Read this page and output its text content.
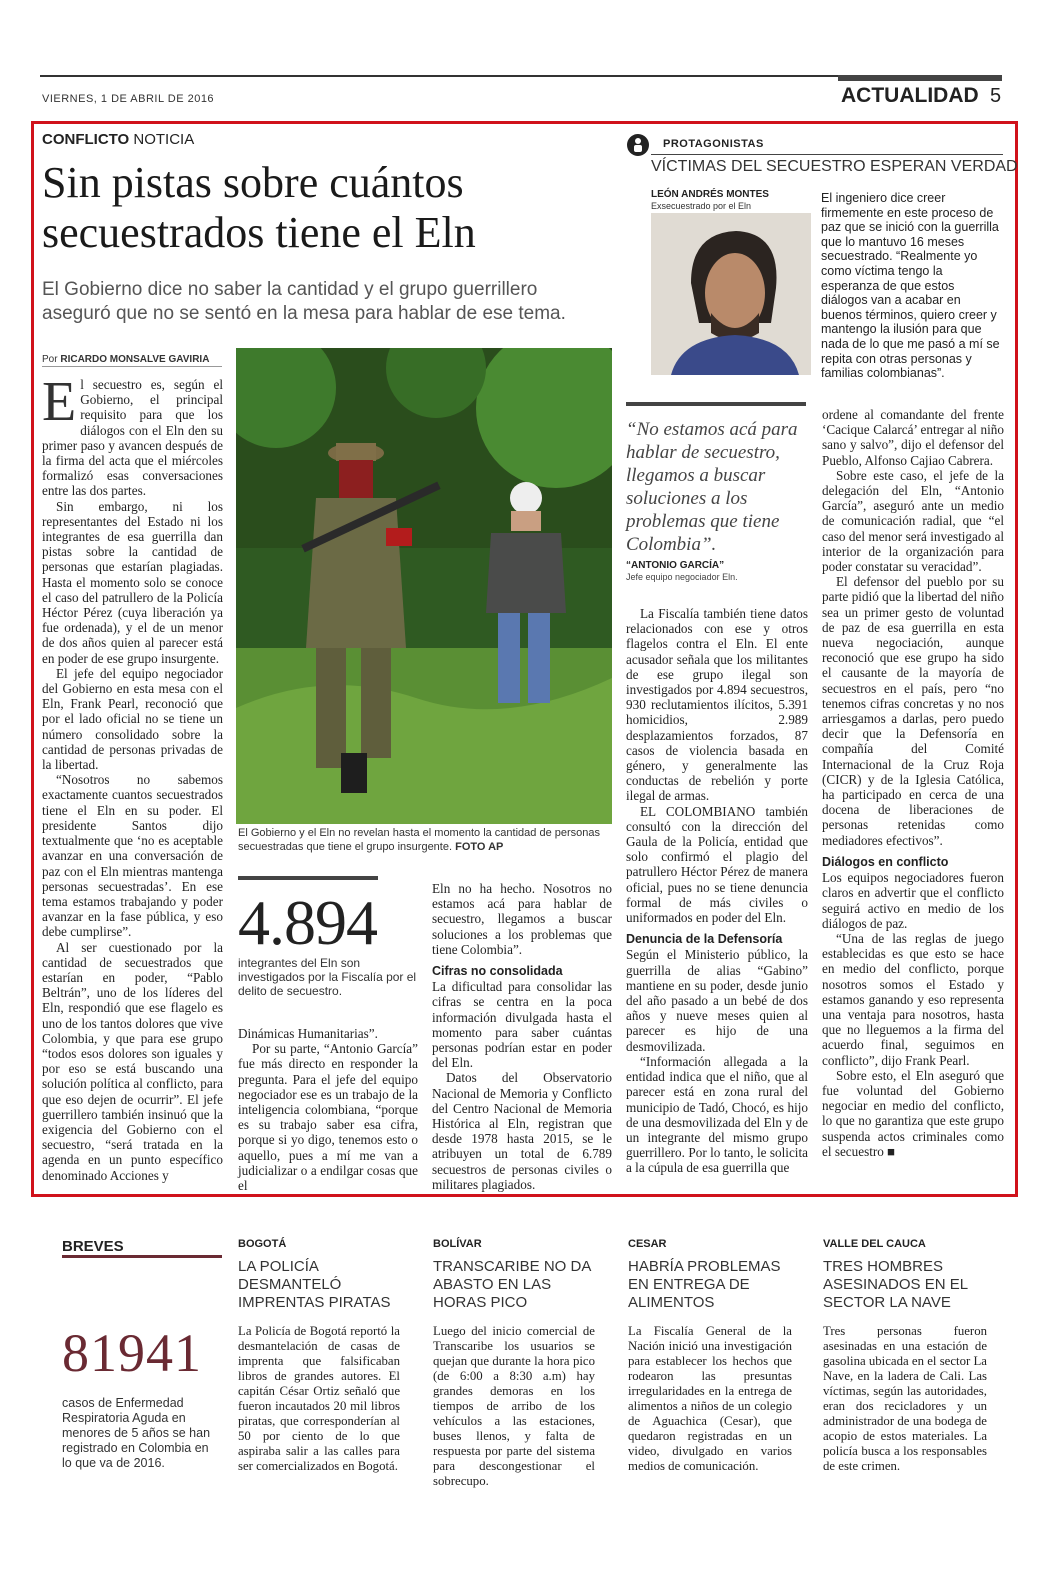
VIERNES, 1 DE ABRIL DE 2016	ACTUALIDAD 5
CONFLICTO NOTICIA
Sin pistas sobre cuántos secuestrados tiene el Eln
El Gobierno dice no saber la cantidad y el grupo guerrillero aseguró que no se sentó en la mesa para hablar de ese tema.
Por RICARDO MONSALVE GAVIRIA
E l secuestro es, según el Gobierno, el principal requisito para que los diálogos con el Eln den su primer paso y avancen después de la firma del acta que el miércoles formalizó esas conversaciones entre las dos partes.

Sin embargo, ni los representantes del Estado ni los integrantes de esa guerrilla dan pistas sobre la cantidad de personas que estarían plagiadas. Hasta el momento solo se conoce el caso del patrullero de la Policía Héctor Pérez (cuya liberación ya fue ordenada), y el de un menor de dos años quien al parecer está en poder de ese grupo insurgente.

El jefe del equipo negociador del Gobierno en esta mesa con el Eln, Frank Pearl, reconoció que por el lado oficial no se tiene un número consolidado sobre la cantidad de personas privadas de la libertad.

“Nosotros no sabemos exactamente cuantos secuestrados tiene el Eln en su poder. El presidente Santos dijo textualmente que ‘no es aceptable avanzar en una conversación de paz con el Eln mientras mantenga personas secuestradas’. En ese tema estamos trabajando y poder avanzar en la fase pública, y eso debe cumplirse”.

Al ser cuestionado por la cantidad de secuestrados que estarían en poder, “Pablo Beltrán”, uno de los líderes del Eln, respondió que ese flagelo es uno de los tantos dolores que vive Colombia, y que para ese grupo “todos esos dolores son iguales y por eso se está buscando una solución política al conflicto, para que eso dejen de ocurrir”. El jefe guerrillero también insinuó que la exigencia del Gobierno con el secuestro, “será tratada en la agenda en un punto específico denominado Acciones y

El Gobierno y el Eln no revelan hasta el momento la cantidad de personas secuestradas que tiene el grupo insurgente. FOTO AP
4.894
integrantes del Eln son investigados por la Fiscalía por el delito de secuestro.

Dinámicas Humanitarias”.

Por su parte, “Antonio García” fue más directo en responder la pregunta. Para el jefe del equipo negociador ese es un trabajo de la inteligencia colombiana, “porque es su trabajo saber esa cifra, porque si yo digo, tenemos esto o aquello, pues a mí me van a judicializar o a endilgar cosas que el

Eln no ha hecho. Nosotros no estamos acá para hablar de secuestro, llegamos a buscar soluciones a los problemas que tiene Colombia”.

Cifras no consolidada

La dificultad para consolidar las cifras se centra en la poca información divulgada hasta el momento para saber cuántas personas podrían estar en poder del Eln.

Datos del Observatorio Nacional de Memoria y Conflicto del Centro Nacional de Memoria Histórica al Eln, registran que desde 1978 hasta 2015, se le atribuyen un total de 6.789 secuestros de personas civiles o militares plagiados.

PROTAGONISTAS
VÍCTIMAS DEL SECUESTRO ESPERAN VERDAD
LEÓN ANDRÉS MONTES
Exsecuestrado por el Eln
El ingeniero dice creer firmemente en este proceso de paz que se inició con la guerrilla que lo mantuvo 16 meses secuestrado. “Realmente yo como víctima tengo la esperanza de que estos diálogos van a acabar en buenos términos, quiero creer y mantengo la ilusión para que nada de lo que me pasó a mí se repita con otras personas y familias colombianas”.
“No estamos acá para hablar de secuestro, llegamos a buscar soluciones a los problemas que tiene Colombia”.
“ANTONIO GARCÍA”
Jefe equipo negociador Eln.

La Fiscalía también tiene datos relacionados con ese y otros flagelos contra el Eln. El ente acusador señala que los militantes de ese grupo ilegal son investigados por 4.894 secuestros, 930 reclutamientos ilícitos, 5.391 homicidios, 2.989 desplazamientos forzados, 87 casos de violencia basada en género, y generalmente las conductas de rebelión y porte ilegal de armas.

EL COLOMBIANO también consultó con la dirección del Gaula de la Policía, entidad que solo confirmó el plagio del patrullero Héctor Pérez de manera oficial, pues no se tiene denuncia formal de más civiles o uniformados en poder del Eln.

Denuncia de la Defensoría

Según el Ministerio público, la guerrilla de alias “Gabino” mantiene en su poder, desde junio del año pasado a un bebé de dos años y nueve meses quien al parecer es hijo de una desmovilizada.

“Información allegada a la entidad indica que el niño, que al parecer está en zona rural del municipio de Tadó, Chocó, es hijo de una desmovilizada del Eln y de un integrante del mismo grupo guerrillero. Por lo tanto, le solicita a la cúpula de esa guerrilla que

ordene al comandante del frente ‘Cacique Calarcá’ entregar al niño sano y salvo”, dijo el defensor del Pueblo, Alfonso Cajiao Cabrera.

Sobre este caso, el jefe de la delegación del Eln, “Antonio García”, aseguró ante un medio de comunicación radial, que “el caso del menor será investigado al interior de la organización para poder constatar su veracidad”.

El defensor del pueblo por su parte pidió que la libertad del niño sea un primer gesto de voluntad de paz de esa guerrilla en esta nueva negociación, aunque reconoció que ese grupo ha sido el causante de la mayoría de secuestros en el país, pero “no tenemos cifras concretas y no nos arriesgamos a darlas, pero puedo decir que la Defensoría en compañía del Comité Internacional de la Cruz Roja (CICR) y de la Iglesia Católica, ha participado en cerca de una docena de liberaciones de personas retenidas como mediadores efectivos”.

Diálogos en conflicto

Los equipos negociadores fueron claros en advertir que el conflicto seguirá activo en medio de los diálogos de paz.

“Una de las reglas de juego establecidas es que esto se hace en medio del conflicto, porque nosotros somos el Estado y estamos ganando y eso representa una ventaja para nosotros, hasta que no lleguemos a la firma del acuerdo final, seguimos en conflicto”, dijo Frank Pearl.

Sobre esto, el Eln aseguró que fue voluntad del Gobierno negociar en medio del conflicto, lo que no garantiza que este grupo suspenda actos criminales como el secuestro ■

BREVES
81941
casos de Enfermedad Respiratoria Aguda en menores de 5 años se han registrado en Colombia en lo que va de 2016.
BOGOTÁ
LA POLICÍA DESMANTELÓ IMPRENTAS PIRATAS
La Policía de Bogotá reportó la desmantelación de casas de imprenta que falsificaban libros de grandes autores. El capitán César Ortiz señaló que fueron incautados 20 mil libros piratas, que corresponderían al 50 por ciento de lo que aspiraba salir a las calles para ser comercializados en Bogotá.
BOLÍVAR
TRANSCARIBE NO DA ABASTO EN LAS HORAS PICO
Luego del inicio comercial de Transcaribe los usuarios se quejan que durante la hora pico (de 6:00 a 8:30 a.m) hay grandes demoras en los tiempos de arribo de los vehículos a las estaciones, buses llenos, y falta de respuesta por parte del sistema para descongestionar el sobrecupo.
CESAR
HABRÍA PROBLEMAS EN ENTREGA DE ALIMENTOS
La Fiscalía General de la Nación inició una investigación para establecer los hechos que rodearon las presuntas irregularidades en la entrega de alimentos a niños de un colegio de Aguachica (Cesar), que quedaron registradas en un video, divulgado en varios medios de comunicación.
VALLE DEL CAUCA
TRES HOMBRES ASESINADOS EN EL SECTOR LA NAVE
Tres personas fueron asesinadas en una estación de gasolina ubicada en el sector La Nave, en la ladera de Cali. Las víctimas, según las autoridades, eran dos recicladores y un administrador de una bodega de acopio de estos materiales. La policía busca a los responsables de este crimen.
